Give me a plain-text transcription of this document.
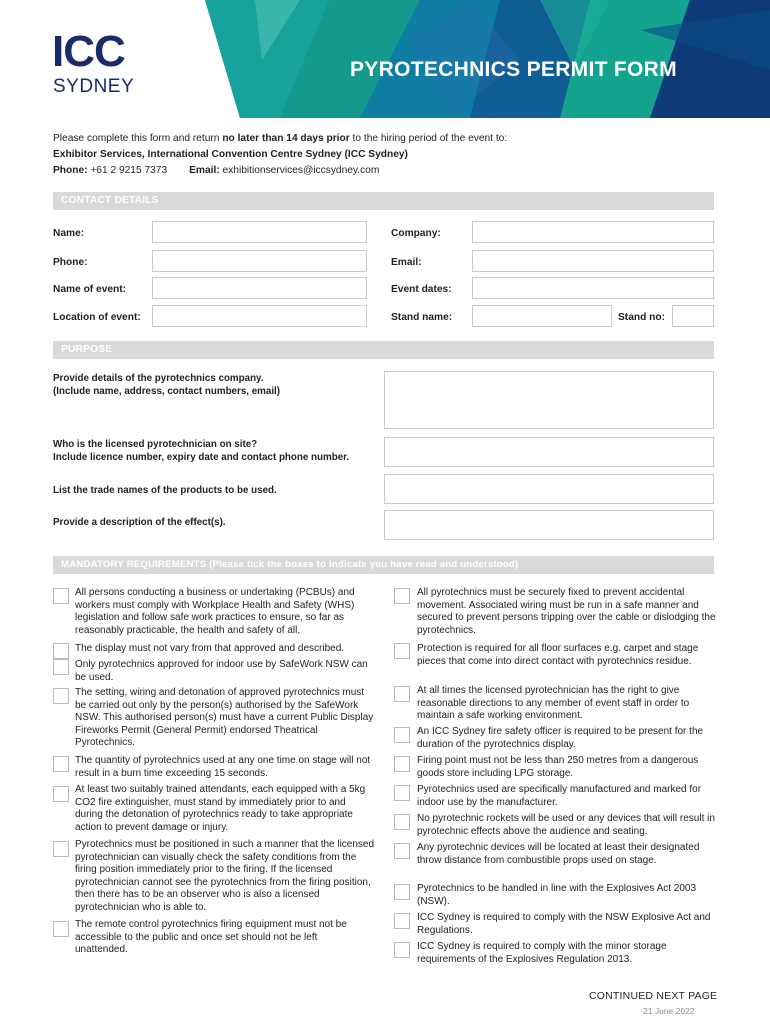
ICC
SYDNEY
PYROTECHNICS PERMIT FORM
Please complete this form and return no later than 14 days prior to the hiring period of the event to:
Exhibitor Services, International Convention Centre Sydney (ICC Sydney)
Phone: +61 2 9215 7373 Email: exhibitionservices@iccsydney.com
CONTACT DETAILS
Name:	Company:
Phone:	Email:
Name of event:	Event dates:
Location of event:	Stand name:	Stand no:
PURPOSE
Provide details of the pyrotechnics company.
(Include name, address, contact numbers, email)
Who is the licensed pyrotechnician on site?
Include licence number, expiry date and contact phone number.
List the trade names of the products to be used.
Provide a description of the effect(s).
MANDATORY REQUIREMENTS (Please tick the boxes to indicate you have read and understood)
All persons conducting a business or undertaking (PCBUs) and workers must comply with Workplace Health and Safety (WHS) legislation and follow safe work practices to ensure, so far as reasonably practicable, the health and safety of all.
The display must not vary from that approved and described.
Only pyrotechnics approved for indoor use by SafeWork NSW can be used.
The setting, wiring and detonation of approved pyrotechnics must be carried out only by the person(s) authorised by the SafeWork NSW. This authorised person(s) must have a current Public Display Fireworks Permit (General Permit) endorsed Theatrical Pyrotechnics.
The quantity of pyrotechnics used at any one time on stage will not result in a burn time exceeding 15 seconds.
At least two suitably trained attendants, each equipped with a 5kg CO2 fire extinguisher, must stand by immediately prior to and during the detonation of pyrotechnics ready to take appropriate action to prevent damage or injury.
Pyrotechnics must be positioned in such a manner that the licensed pyrotechnician can visually check the safety conditions from the firing position immediately prior to the firing. If the licensed pyrotechnician cannot see the pyrotechnics from the firing position, then there has to be an observer who is also a licensed pyrotechnician who is able to.
The remote control pyrotechnics firing equipment must not be accessible to the public and once set should not be left unattended.
All pyrotechnics must be securely fixed to prevent accidental movement. Associated wiring must be run in a safe manner and secured to prevent persons tripping over the cable or dislodging the pyrotechnics.
Protection is required for all floor surfaces e.g. carpet and stage pieces that come into direct contact with pyrotechnics residue.
At all times the licensed pyrotechnician has the right to give reasonable directions to any member of event staff in order to maintain a safe working environment.
An ICC Sydney fire safety officer is required to be present for the duration of the pyrotechnics display.
Firing point must not be less than 250 metres from a dangerous goods store including LPG storage.
Pyrotechnics used are specifically manufactured and marked for indoor use by the manufacturer.
No pyrotechnic rockets will be used or any devices that will result in pyrotechnic effects above the audience and seating.
Any pyrotechnic devices will be located at least their designated throw distance from combustible props used on stage.
Pyrotechnics to be handled in line with the Explosives Act 2003 (NSW).
ICC Sydney is required to comply with the NSW Explosive Act and Regulations.
ICC Sydney is required to comply with the minor storage requirements of the Explosives Regulation 2013.
CONTINUED NEXT PAGE
21 June 2022
